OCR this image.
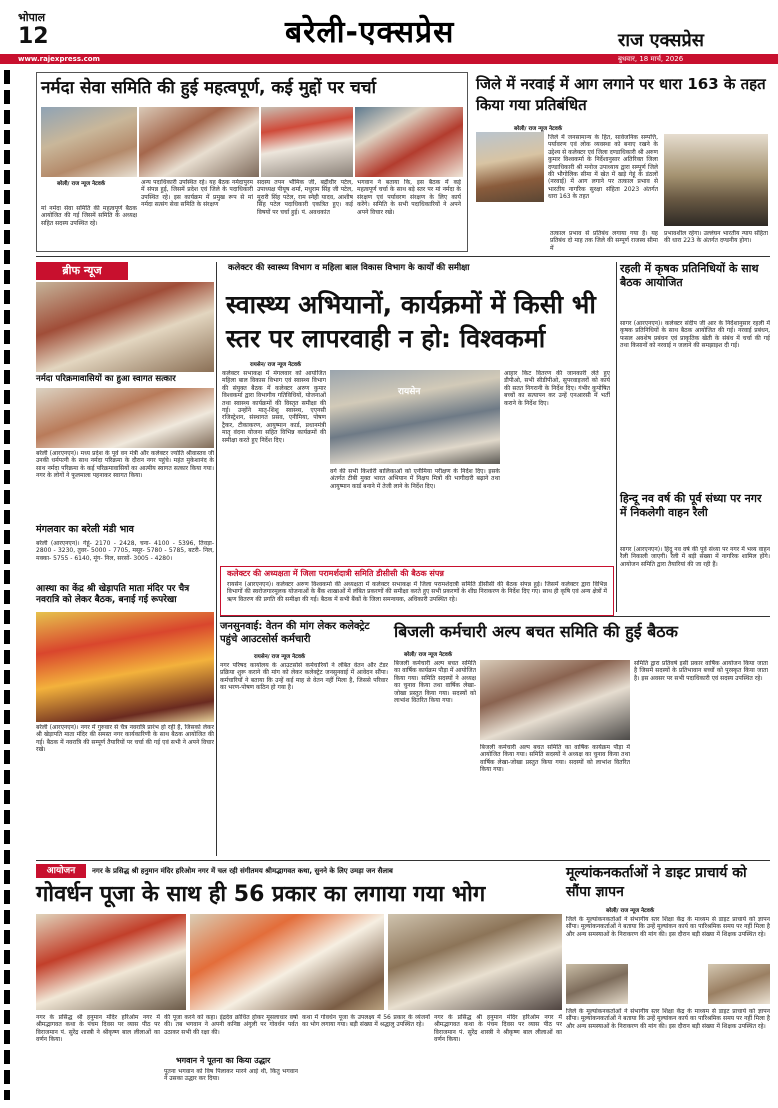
भोपाल
12	बरेली-एक्सप्रेस	राज एक्सप्रेस
www.rajexpress.com	बुधवार, 18 मार्च, 2026
नर्मदा सेवा समिति की हुई महत्वपूर्ण, कई मुद्दों पर चर्चा
मां नर्मदा सेवा समिति की महत्वपूर्ण बैठक आयोजित की गई जिसमें समिति के अध्यक्ष सहित सदस्य उपस्थित रहे।
बरेली/ राज न्यूज नेटवर्क	अन्य पदाधिकारी उपस्थित रहे। यह बैठक नर्मदापुरम में संपन्न हुई, जिसमें प्रदेश एवं जिले के पदाधिकारी उपस्थित रहे। इस कार्यक्रम में प्रमुख रूप से मां नर्मदा सत्संग सेवा समिति के संरक्षण
सदस्य तपन भौमिक जी, बद्रीधीर पटेल, उपाध्यक्ष पीयूष शर्मा, मधुराम सिंह जी पटेल, मुरारी सिंह पटेल, राम स्नेही यादव, आशीष सिंह पटेल पदाधिकारी एकत्रित हुए। कई विषयों पर चर्चा हुई। पं. अवधकांत
भगवान ने बताया कि, इस बैठक में कई महत्वपूर्ण चर्चा के साथ बड़े स्तर पर मां नर्मदा के संरक्षण एवं पर्यावरण संरक्षण के लिए कार्य करेंगे। समिति के सभी पदाधिकारियों ने अपने अपने विचार रखे।
जिले में नरवाई में आग लगाने पर धारा 163 के तहत किया गया प्रतिबंधित
बरेली/ राज न्यूज नेटवर्क
जिले में जनसामान्य के हित, सार्वजनिक सम्पत्ति, पर्यावरण एवं लोक व्यवस्था को बनाए रखने के उद्देश्य से कलेक्टर एवं जिला दण्डाधिकारी श्री अरुण कुमार विश्वकर्मा के निर्देशानुसार अतिरिक्त जिला दण्डाधिकारी श्री मनोज उपाध्याय द्वारा सम्पूर्ण जिले की भौगोलिक सीमा में खेत में खड़े गेहूं के डंठलों (नरवाई) में आग लगाने पर तत्काल प्रभाव से भारतीय नागरिक सुरक्षा संहिता 2023 अंतर्गत धारा 163 के तहत
तत्काल प्रभाव से प्रतिबंध लगाया गया है। यह प्रतिबंध दो माह तक जिले की सम्पूर्ण राजस्व सीमा में
प्रभावशील रहेगा। उल्लंघन भारतीय न्याय संहिता की धारा 223 के अंतर्गत दण्डनीय होगा।
ब्रीफ न्यूज
नर्मदा परिक्रमावासियों का हुआ स्वागत सत्कार
बरेली (आरएनएन)। मध्य प्रदेश के पूर्व वन मंत्री और कलेक्टर ज्योति श्रीवास्तव जी उनकी धर्मपत्नी के साथ नर्मदा परिक्रमा के दौरान नगर पहुंचे। महंत मुकेशानंद के साथ नर्मदा परिक्रमा के कई परिक्रमावासियों का आत्मीय स्वागत सत्कार किया गया। नगर के लोगों ने फूलमाला पहनाकर स्वागत किया।
मंगलवार का बरेली मंडी भाव
बरेली (आरएनएन)। गेहूं- 2170 - 2428, चना- 4100 - 5396, तिवड़ा- 2800 - 3230, तुवर- 5000 - 7705, मसूर- 5780 - 5785, बटरी- निल, मक्का- 5755 - 6140, मूंग- निल, सरसों- 3005 - 4280।
आस्था का केंद्र श्री खेड़ापति माता मंदिर पर चैत्र नवरात्रि को लेकर बैठक, बनाई गई रूपरेखा
बरेली (आरएनएन)। नगर में गुरुवार से चैत्र नवरात्रि प्रारंभ हो रही है, जिसको लेकर श्री खेड़ापति माता मंदिर की समस्त नगर कार्यकारिणी के साथ बैठक आयोजित की गई। बैठक में नवरात्रि की सम्पूर्ण तैयारियों पर चर्चा की गई एवं सभी ने अपने विचार रखे।
कलेक्टर की स्वास्थ्य विभाग व महिला बाल विकास विभाग के कार्यों की समीक्षा
स्वास्थ्य अभियानों, कार्यक्रमों में किसी भी स्तर पर लापरवाही न हो: विश्वकर्मा
रायसेन/ राज न्यूज नेटवर्क
कलेक्टर सभाकक्ष में मंगलवार को आयोजित महिला बाल विकास विभाग एवं स्वास्थ्य विभाग की संयुक्त बैठक में कलेक्टर अरुण कुमार विश्वकर्मा द्वारा विभागीय गतिविधियों, योजनाओं तथा स्वास्थ्य कार्यक्रमों की विस्तृत समीक्षा की गई। उन्होंने मातृ-शिशु स्वास्थ्य, एएनसी रजिस्ट्रेशन, संस्थागत प्रसव, एनीमिया, पोषण ट्रैकर, टीकाकरण, आयुष्मान कार्ड, प्रधानमंत्री मातृ वंदना योजना सहित विभिन्न कार्यक्रमों की समीक्षा करते हुए निर्देश दिए।
रायसेन
वर्ग की सभी किशोरी बालिकाओं को एनीमिया परीक्षण के निर्देश दिए। इसके अंतर्गत टीबी मुक्त भारत अभियान में निक्षय मित्रों की भागीदारी बढ़ाने तथा आयुष्मान कार्ड बनाने में तेजी लाने के निर्देश दिए।
आहार किट वितरण की जानकारी लेते हुए डीपीओ, सभी सीडीपीओ, सुपरवाइजरों को कार्य की सतत निगरानी के निर्देश दिए। गंभीर कुपोषित बच्चों का सत्यापन कर उन्हें एनआरसी में भर्ती कराने के निर्देश दिए।
कलेक्टर की अध्यक्षता में जिला परामर्शदात्री समिति डीसीसी की बैठक संपन्न
रायसेन (आरएनएन)। कलेक्टर अरुण विश्वकर्मा की अध्यक्षता में कलेक्टर सभाकक्ष में जिला परामर्शदात्री समिति डीसीसी की बैठक संपन्न हुई। जिसमें कलेक्टर द्वारा विभिन्न विभागों की स्वरोजगारमूलक योजनाओं के बैंक शाखाओं में लंबित प्रकरणों की समीक्षा करते हुए सभी प्रकरणों के शीघ्र निराकरण के निर्देश दिए गए। साथ ही कृषि एवं अन्य क्षेत्रों में ऋण वितरण की प्रगति की समीक्षा की गई। बैठक में सभी बैंकों के जिला समन्वयक, अधिकारी उपस्थित रहे।
रहली में कृषक प्रतिनिधियों के साथ बैठक आयोजित
सागर (आरएनएन)। कलेक्टर संदीप जी आर के निर्देशानुसार रहली में कृषक प्रतिनिधियों के साथ बैठक आयोजित की गई। नरवाई प्रबंधन, फसल अवशेष प्रबंधन एवं प्राकृतिक खेती के संबंध में चर्चा की गई तथा किसानों को नरवाई न जलाने की समझाइश दी गई।
हिन्दू नव वर्ष की पूर्व संध्या पर नगर में निकलेगी वाहन रैली
सागर (आरएनएन)। हिंदू नव वर्ष की पूर्व संध्या पर नगर में भव्य वाहन रैली निकाली जाएगी। रैली में बड़ी संख्या में नागरिक शामिल होंगे। आयोजन समिति द्वारा तैयारियां की जा रही हैं।
जनसुनवाई: वेतन की मांग लेकर कलेक्ट्रेट पहुंचे आउटसोर्स कर्मचारी
रायसेन/ राज न्यूज नेटवर्क
नगर परिषद कार्यालय के आउटसोर्स कर्मचारियों ने लंबित वेतन और टेंडर प्रक्रिया शुरू कराने की मांग को लेकर कलेक्ट्रेट जनसुनवाई में आवेदन सौंपा। कर्मचारियों ने बताया कि उन्हें कई माह से वेतन नहीं मिला है, जिससे परिवार का भरण-पोषण कठिन हो गया है।
बिजली कर्मचारी अल्प बचत समिति की हुई बैठक
बरेली/ राज न्यूज नेटवर्क
बिजली कर्मचारी अल्प बचत समिति का वार्षिक कार्यक्रम पौड़ा में आयोजित किया गया। समिति सदस्यों ने अध्यक्ष का चुनाव किया तथा वार्षिक लेखा-जोखा प्रस्तुत किया गया। सदस्यों को लाभांश वितरित किया गया।
समिति द्वारा प्रतिवर्ष इसी प्रकार वार्षिक आयोजन किया जाता है जिसमें सदस्यों के प्रतिभावान बच्चों को पुरस्कृत किया जाता है। इस अवसर पर सभी पदाधिकारी एवं सदस्य उपस्थित रहे।
बिजली कर्मचारी अल्प बचत समिति का वार्षिक कार्यक्रम पौड़ा में आयोजित किया गया। समिति सदस्यों ने अध्यक्ष का चुनाव किया तथा वार्षिक लेखा-जोखा प्रस्तुत किया गया। सदस्यों को लाभांश वितरित किया गया।
आयोजन	नगर के प्रसिद्ध श्री हनुमान मंदिर हरिओम नगर में चल रही संगीतमय श्रीमद्भागवत कथा, सुनने के लिए उमड़ा जन सैलाब
गोवर्धन पूजा के साथ ही 56 प्रकार का लगाया गया भोग
नगर के प्रसिद्ध श्री हनुमान मंदिर हरिओम नगर में श्रीमद्भागवत कथा के पंचम दिवस पर व्यास पीठ पर विराजमान पं. सुरेंद्र शास्त्री ने श्रीकृष्ण बाल लीलाओं का वर्णन किया।
की पूजा करने को कहा। इंद्रदेव क्रोधित होकर मूसलाधार वर्षा की। तब भगवान ने अपनी कनिष्ठ अंगुली पर गोवर्धन पर्वत उठाकर सभी की रक्षा की।
भगवान ने पूतना का किया उद्धार
पूतना भगवान को विष पिलाकर मारने आई थी, किंतु भगवान ने उसका उद्धार कर दिया।
कथा में गोवर्धन पूजा के उपलक्ष्य में 56 प्रकार के व्यंजनों का भोग लगाया गया। बड़ी संख्या में श्रद्धालु उपस्थित रहे।
नगर के प्रसिद्ध श्री हनुमान मंदिर हरिओम नगर में श्रीमद्भागवत कथा के पंचम दिवस पर व्यास पीठ पर विराजमान पं. सुरेंद्र शास्त्री ने श्रीकृष्ण बाल लीलाओं का वर्णन किया।
मूल्यांकनकर्ताओं ने डाइट प्राचार्य को सौंपा ज्ञापन
बरेली/ राज न्यूज नेटवर्क
जिले के मूल्यांकनकर्ताओं ने संभागीय स्तर शिक्षा केंद्र के माध्यम से डाइट प्राचार्य को ज्ञापन सौंपा। मूल्यांकनकर्ताओं ने बताया कि उन्हें मूल्यांकन कार्य का पारिश्रमिक समय पर नहीं मिला है और अन्य समस्याओं के निराकरण की मांग की। इस दौरान बड़ी संख्या में शिक्षक उपस्थित रहे।
जिले के मूल्यांकनकर्ताओं ने संभागीय स्तर शिक्षा केंद्र के माध्यम से डाइट प्राचार्य को ज्ञापन सौंपा। मूल्यांकनकर्ताओं ने बताया कि उन्हें मूल्यांकन कार्य का पारिश्रमिक समय पर नहीं मिला है और अन्य समस्याओं के निराकरण की मांग की। इस दौरान बड़ी संख्या में शिक्षक उपस्थित रहे।
